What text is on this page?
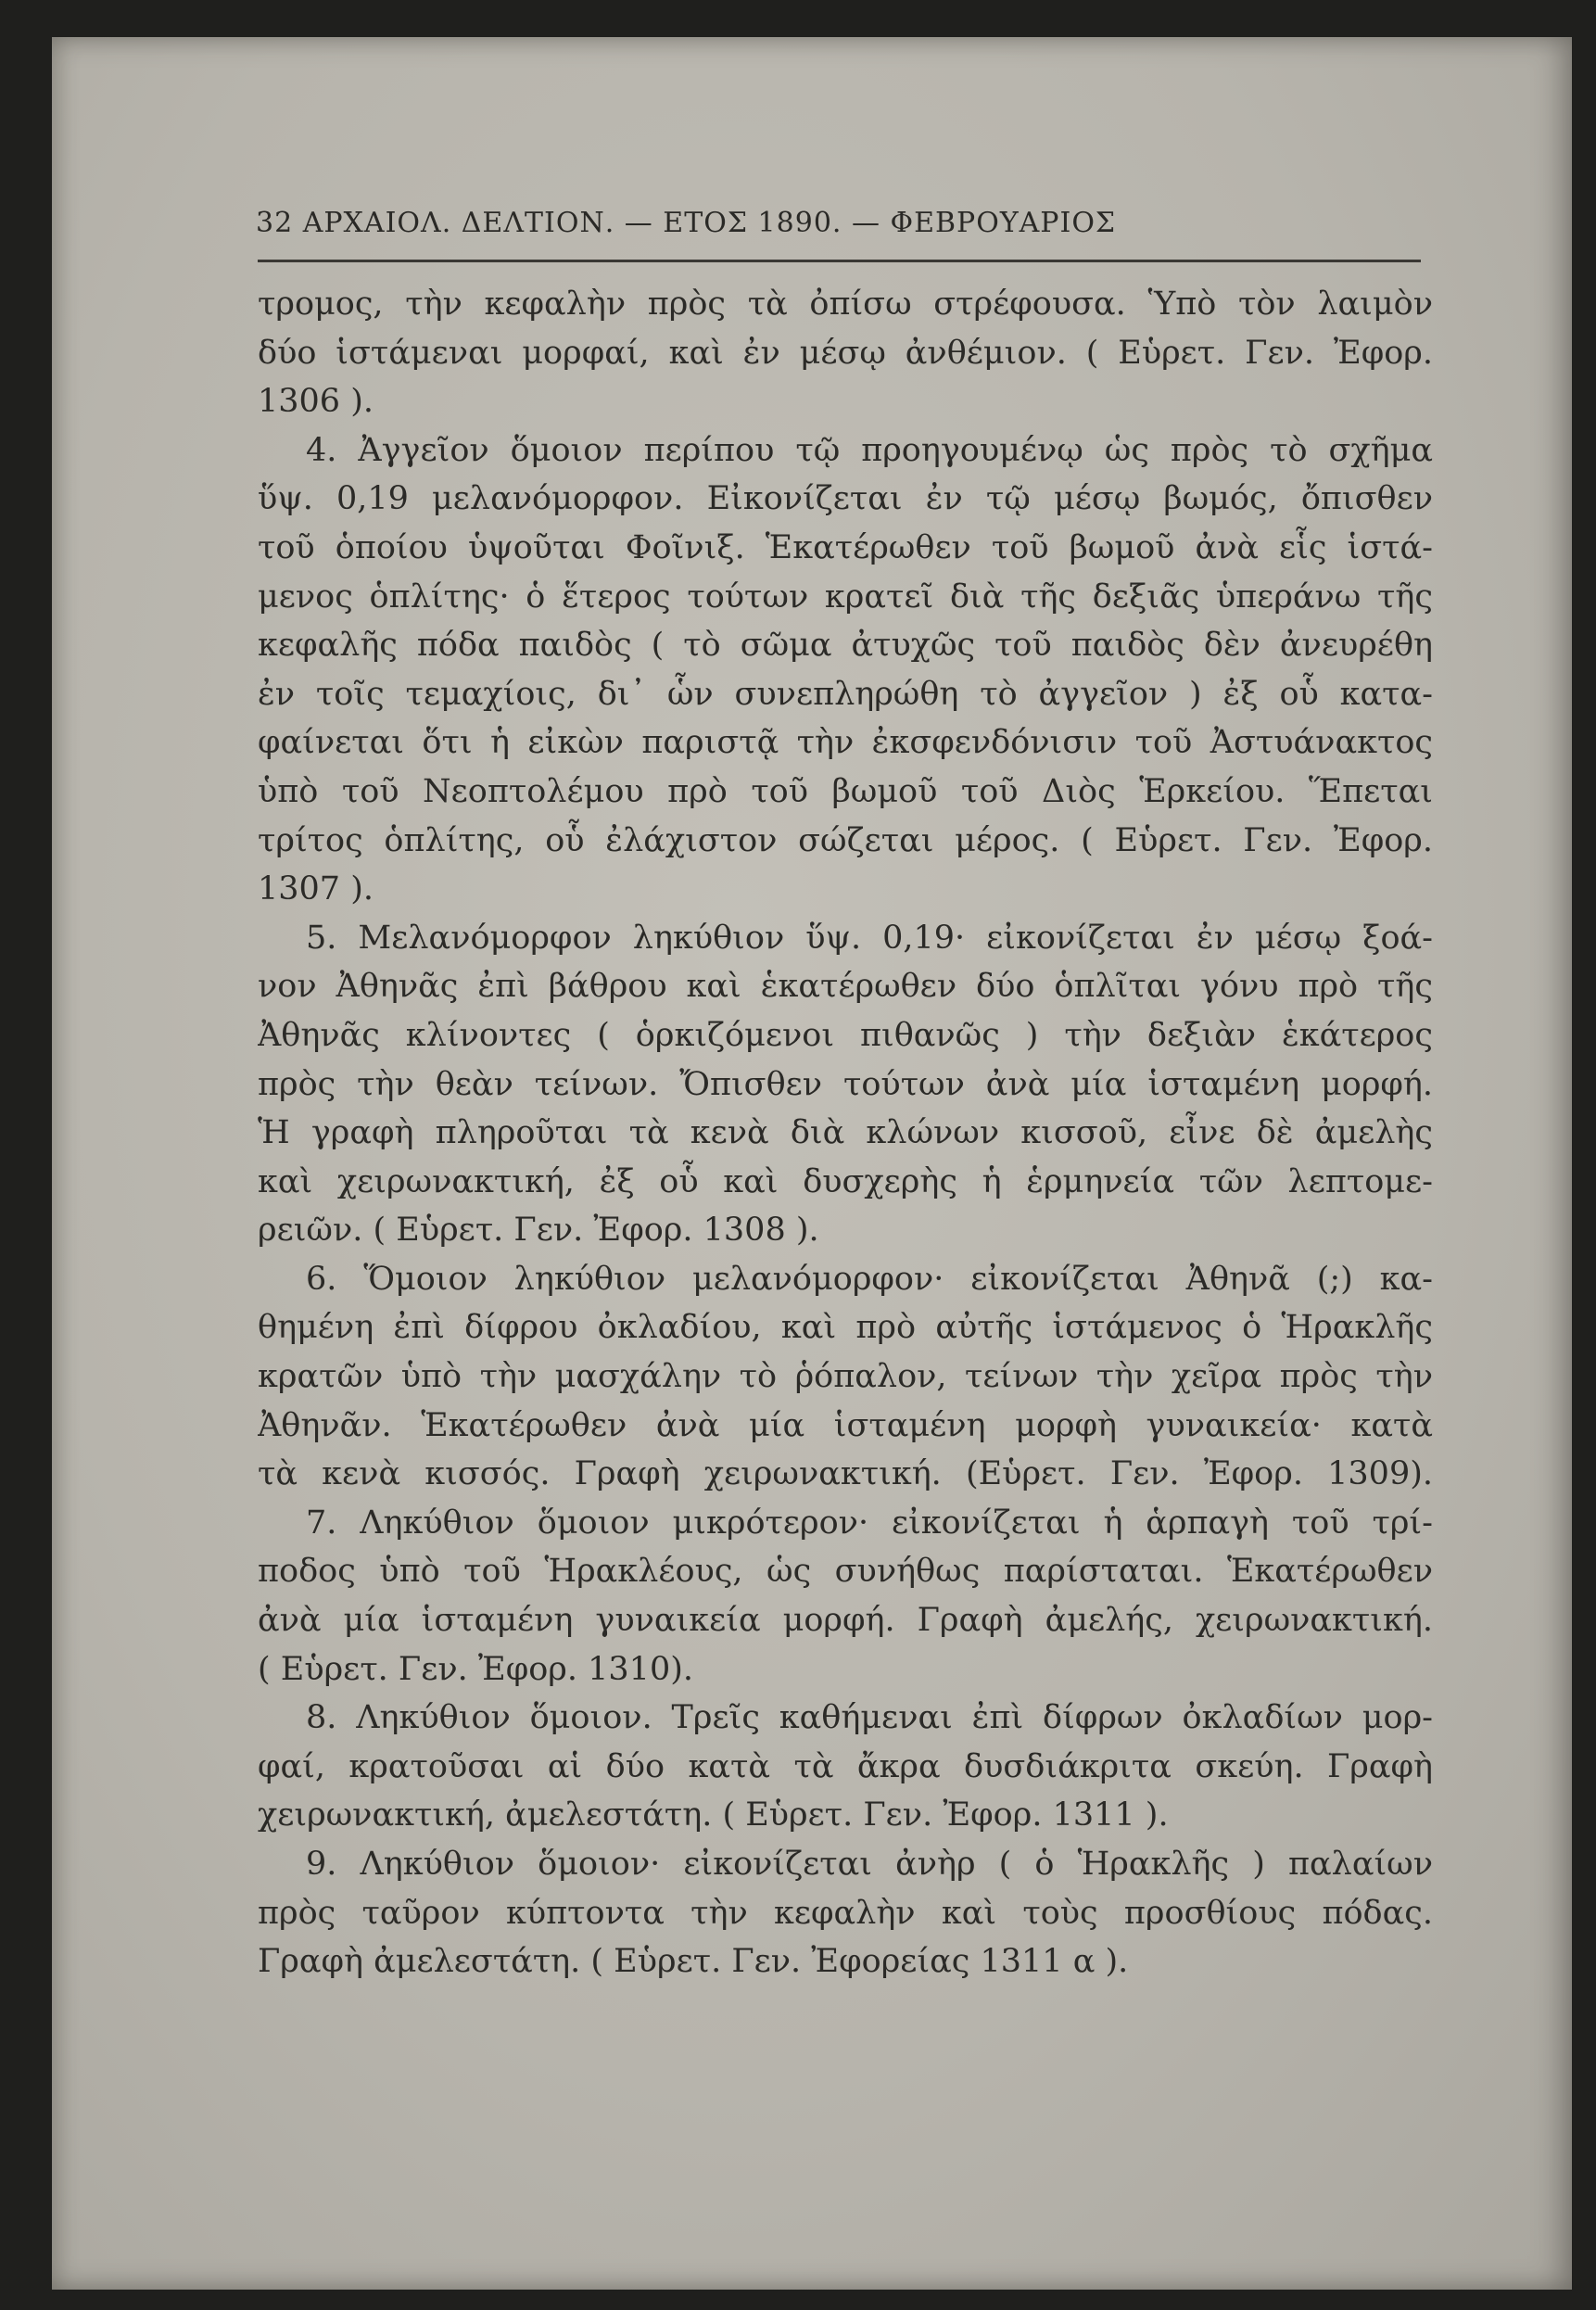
32 ΑΡΧΑΙΟΛ. ΔΕΛΤΙΟΝ. — ΕΤΟΣ 1890. — ΦΕΒΡΟΥΑΡΙΟΣ
τρομος, τὴν κεφαλὴν πρὸς τὰ ὀπίσω στρέφουσα. Ὑπὸ τὸν λαιμὸν
δύο ἱστάμεναι μορφαί, καὶ ἐν μέσῳ ἀνθέμιον. ( Εὑρετ. Γεν. Ἐφορ.
1306 ).
4. Ἀγγεῖον ὅμοιον περίπου τῷ προηγουμένῳ ὡς πρὸς τὸ σχῆμα
ὕψ. 0,19 μελανόμορφον. Εἰκονίζεται ἐν τῷ μέσῳ βωμός, ὄπισθεν
τοῦ ὁποίου ὑψοῦται Φοῖνιξ. Ἑκατέρωθεν τοῦ βωμοῦ ἀνὰ εἷς ἱστά-
μενος ὁπλίτης· ὁ ἕτερος τούτων κρατεῖ διὰ τῆς δεξιᾶς ὑπεράνω τῆς
κεφαλῆς πόδα παιδὸς ( τὸ σῶμα ἀτυχῶς τοῦ παιδὸς δὲν ἀνευρέθη
ἐν τοῖς τεμαχίοις, δι᾽ ὧν συνεπληρώθη τὸ ἀγγεῖον ) ἐξ οὗ κατα-
φαίνεται ὅτι ἡ εἰκὼν παριστᾷ τὴν ἐκσφενδόνισιν τοῦ Ἀστυάνακτος
ὑπὸ τοῦ Νεοπτολέμου πρὸ τοῦ βωμοῦ τοῦ Διὸς Ἑρκείου. Ἕπεται
τρίτος ὁπλίτης, οὗ ἐλάχιστον σώζεται μέρος. ( Εὑρετ. Γεν. Ἐφορ.
1307 ).
5. Μελανόμορφον ληκύθιον ὕψ. 0,19· εἰκονίζεται ἐν μέσῳ ξοά-
νον Ἀθηνᾶς ἐπὶ βάθρου καὶ ἑκατέρωθεν δύο ὁπλῖται γόνυ πρὸ τῆς
Ἀθηνᾶς κλίνοντες ( ὁρκιζόμενοι πιθανῶς ) τὴν δεξιὰν ἑκάτερος
πρὸς τὴν θεὰν τείνων. Ὄπισθεν τούτων ἀνὰ μία ἱσταμένη μορφή.
Ἡ γραφὴ πληροῦται τὰ κενὰ διὰ κλώνων κισσοῦ, εἶνε δὲ ἀμελὴς
καὶ χειρωνακτική, ἐξ οὗ καὶ δυσχερὴς ἡ ἑρμηνεία τῶν λεπτομε-
ρειῶν. ( Εὑρετ. Γεν. Ἐφορ. 1308 ).
6. Ὅμοιον ληκύθιον μελανόμορφον· εἰκονίζεται Ἀθηνᾶ (;) κα-
θημένη ἐπὶ δίφρου ὀκλαδίου, καὶ πρὸ αὐτῆς ἱστάμενος ὁ Ἡρακλῆς
κρατῶν ὑπὸ τὴν μασχάλην τὸ ῥόπαλον, τείνων τὴν χεῖρα πρὸς τὴν
Ἀθηνᾶν. Ἑκατέρωθεν ἀνὰ μία ἱσταμένη μορφὴ γυναικεία· κατὰ
τὰ κενὰ κισσός. Γραφὴ χειρωνακτική. (Εὑρετ. Γεν. Ἐφορ. 1309).
7. Ληκύθιον ὅμοιον μικρότερον· εἰκονίζεται ἡ ἁρπαγὴ τοῦ τρί-
ποδος ὑπὸ τοῦ Ἡρακλέους, ὡς συνήθως παρίσταται. Ἑκατέρωθεν
ἀνὰ μία ἱσταμένη γυναικεία μορφή. Γραφὴ ἀμελής, χειρωνακτική.
( Εὑρετ. Γεν. Ἐφορ. 1310).
8. Ληκύθιον ὅμοιον. Τρεῖς καθήμεναι ἐπὶ δίφρων ὀκλαδίων μορ-
φαί, κρατοῦσαι αἱ δύο κατὰ τὰ ἄκρα δυσδιάκριτα σκεύη. Γραφὴ
χειρωνακτική, ἀμελεστάτη. ( Εὑρετ. Γεν. Ἐφορ. 1311 ).
9. Ληκύθιον ὅμοιον· εἰκονίζεται ἀνὴρ ( ὁ Ἡρακλῆς ) παλαίων
πρὸς ταῦρον κύπτοντα τὴν κεφαλὴν καὶ τοὺς προσθίους πόδας.
Γραφὴ ἀμελεστάτη. ( Εὑρετ. Γεν. Ἐφορείας 1311 α ).
